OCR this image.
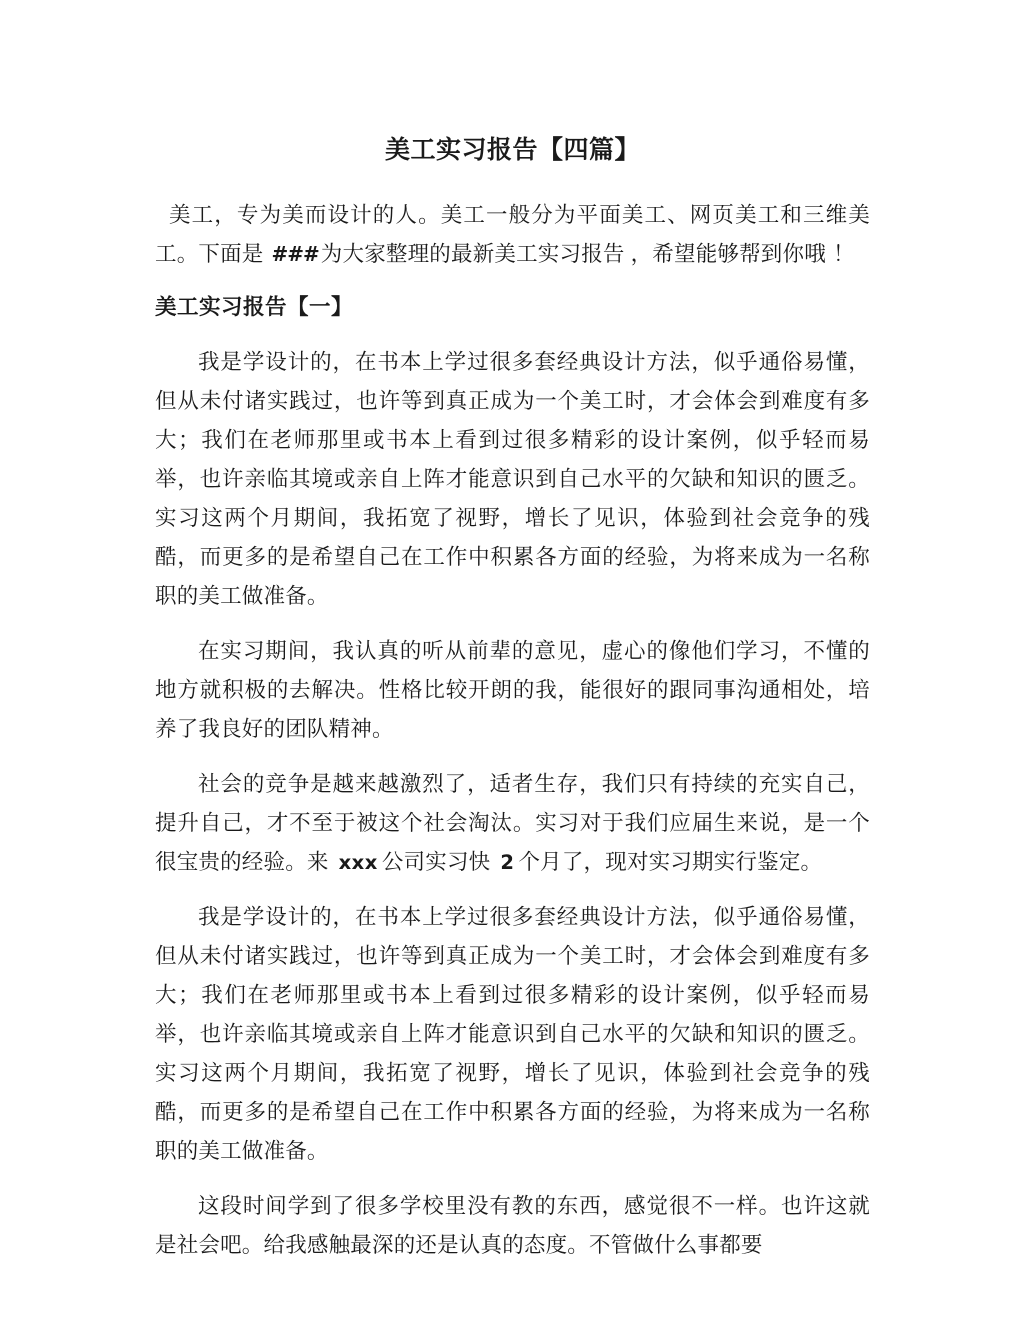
美工实习报告【四篇】

美工，专为美而设计的人。美工一般分为平面美工、网页美工和三维美工。下面是 ###为大家整理的最新美工实习报告 ，希望能够帮到你哦 ！

美工实习报告【一】

我是学设计的，在书本上学过很多套经典设计方法，似乎通俗易懂，但从未付诸实践过，也许等到真正成为一个美工时，才会体会到难度有多大；我们在老师那里或书本上看到过很多精彩的设计案例，似乎轻而易举，也许亲临其境或亲自上阵才能意识到自己水平的欠缺和知识的匮乏。实习这两个月期间，我拓宽了视野，增长了见识，体验到社会竞争的残酷，而更多的是希望自己在工作中积累各方面的经验，为将来成为一名称职的美工做准备。

在实习期间，我认真的听从前辈的意见，虚心的像他们学习，不懂的地方就积极的去解决。性格比较开朗的我，能很好的跟同事沟通相处，培养了我良好的团队精神。

社会的竞争是越来越激烈了，适者生存，我们只有持续的充实自己，提升自己，才不至于被这个社会淘汰。实习对于我们应届生来说，是一个很宝贵的经验。来 xxx 公司实习快 2 个月了，现对实习期实行鉴定。

我是学设计的，在书本上学过很多套经典设计方法，似乎通俗易懂，但从未付诸实践过，也许等到真正成为一个美工时，才会体会到难度有多大；我们在老师那里或书本上看到过很多精彩的设计案例，似乎轻而易举，也许亲临其境或亲自上阵才能意识到自己水平的欠缺和知识的匮乏。实习这两个月期间，我拓宽了视野，增长了见识，体验到社会竞争的残酷，而更多的是希望自己在工作中积累各方面的经验，为将来成为一名称职的美工做准备。

这段时间学到了很多学校里没有教的东西，感觉很不一样。也许这就是社会吧。给我感触最深的还是认真的态度。不管做什么事都要
